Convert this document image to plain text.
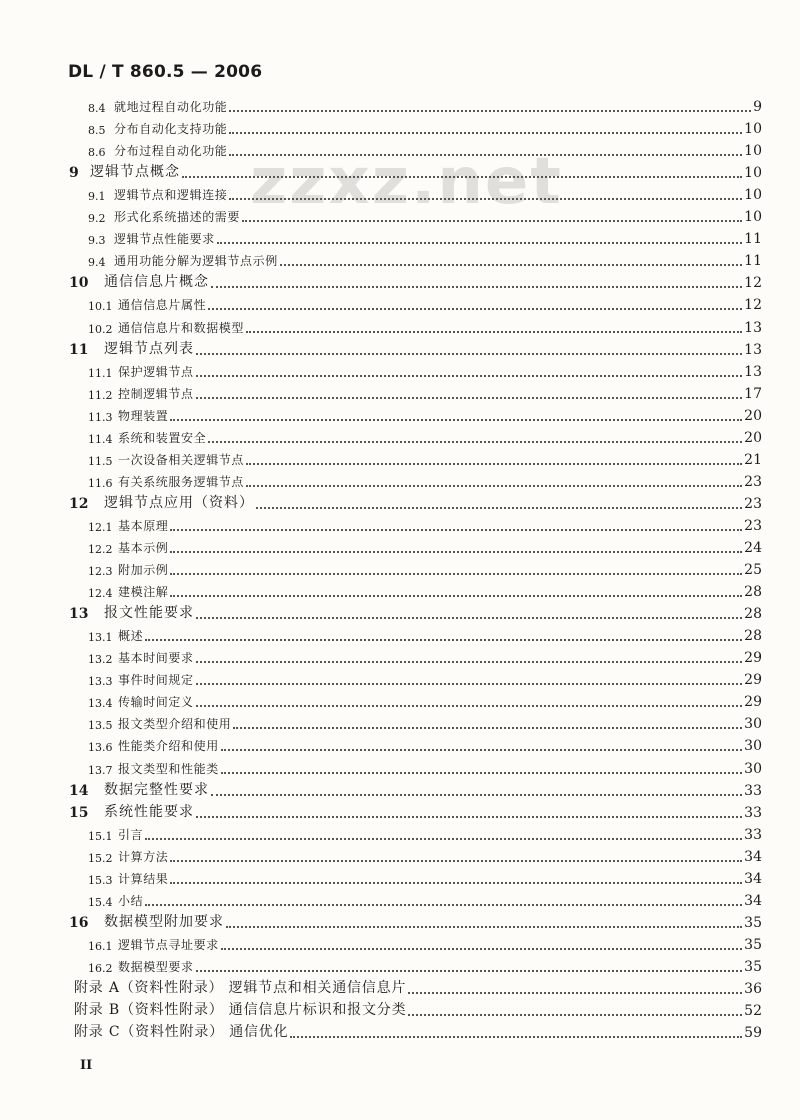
zzxz.net
DL / T 860.5 — 2006
8.4 就地过程自动化功能	9
8.5 分布自动化支持功能	10
8.6 分布过程自动化功能	10
9 逻辑节点概念	10
9.1 逻辑节点和逻辑连接	10
9.2 形式化系统描述的需要	10
9.3 逻辑节点性能要求	11
9.4 通用功能分解为逻辑节点示例	11
10 通信信息片概念	12
10.1 通信信息片属性	12
10.2 通信信息片和数据模型	13
11 逻辑节点列表	13
11.1 保护逻辑节点	13
11.2 控制逻辑节点	17
11.3 物理装置	20
11.4 系统和装置安全	20
11.5 一次设备相关逻辑节点	21
11.6 有关系统服务逻辑节点	23
12 逻辑节点应用（资料）	23
12.1 基本原理	23
12.2 基本示例	24
12.3 附加示例	25
12.4 建模注解	28
13 报文性能要求	28
13.1 概述	28
13.2 基本时间要求	29
13.3 事件时间规定	29
13.4 传输时间定义	29
13.5 报文类型介绍和使用	30
13.6 性能类介绍和使用	30
13.7 报文类型和性能类	30
14 数据完整性要求	33
15 系统性能要求	33
15.1 引言	33
15.2 计算方法	34
15.3 计算结果	34
15.4 小结	34
16 数据模型附加要求	35
16.1 逻辑节点寻址要求	35
16.2 数据模型要求	35
附录 A（资料性附录） 逻辑节点和相关通信信息片	36
附录 B（资料性附录） 通信信息片标识和报文分类	52
附录 C（资料性附录） 通信优化	59
II
